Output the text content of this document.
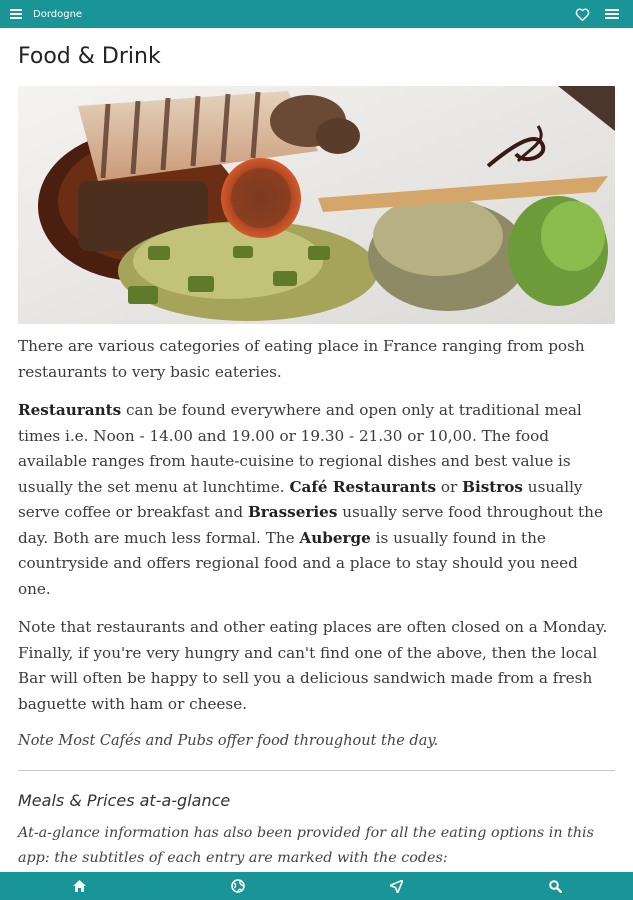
Dordogne
Food & Drink

There are various categories of eating place in France ranging from posh restaurants to very basic eateries.

Restaurants can be found everywhere and open only at traditional meal times i.e. Noon - 14.00 and 19.00 or 19.30 - 21.30 or 10,00. The food available ranges from haute-cuisine to regional dishes and best value is usually the set menu at lunchtime. Café Restaurants or Bistros usually serve coffee or breakfast and Brasseries usually serve food throughout the day. Both are much less formal. The Auberge is usually found in the countryside and offers regional food and a place to stay should you need one.

Note that restaurants and other eating places are often closed on a Monday. Finally, if you're very hungry and can't find one of the above, then the local Bar will often be happy to sell you a delicious sandwich made from a fresh baguette with ham or cheese.

Note Most Cafés and Pubs offer food throughout the day.

Meals & Prices at-a-glance

At-a-glance information has also been provided for all the eating options in this app: the subtitles of each entry are marked with the codes:
